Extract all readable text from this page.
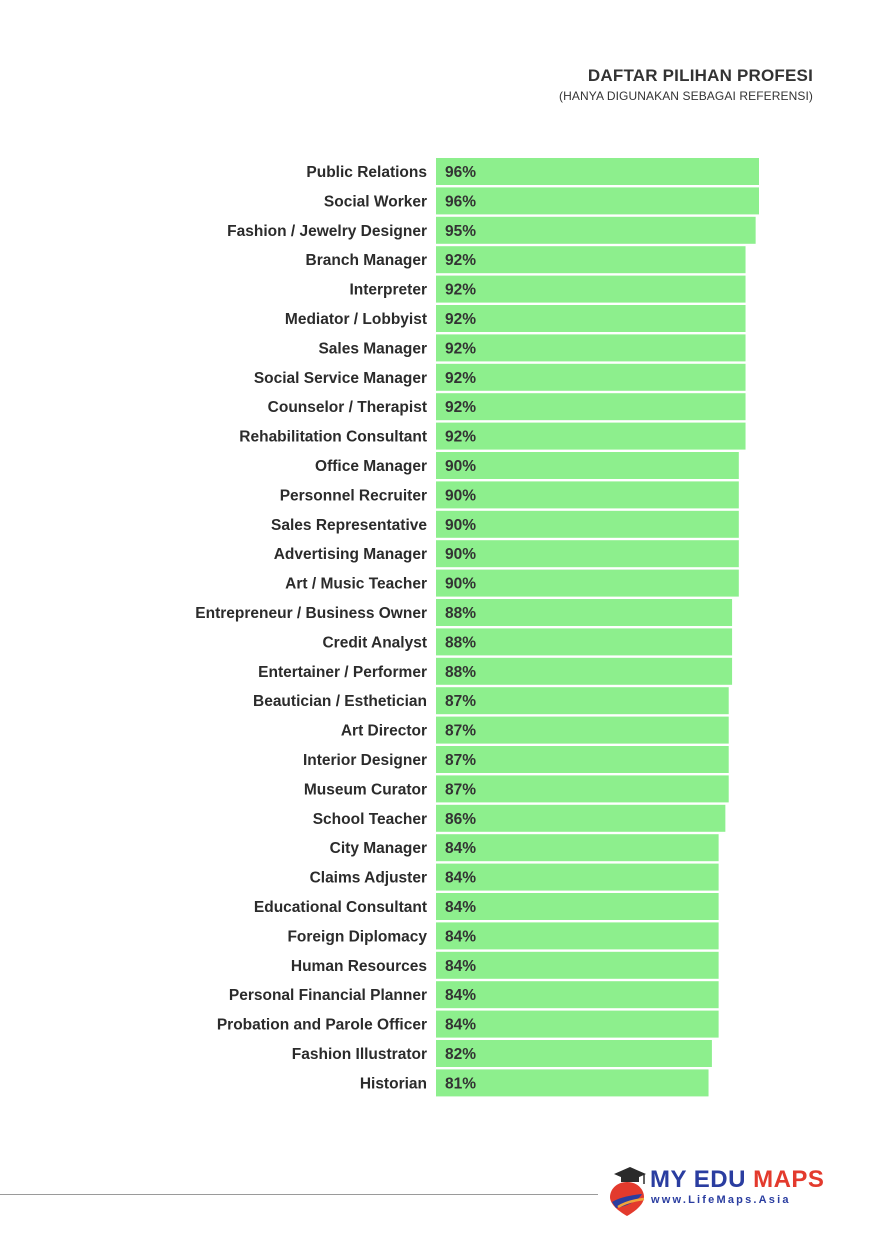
DAFTAR PILIHAN PROFESI
(HANYA DIGUNAKAN SEBAGAI REFERENSI)
Public Relations 96%
Social Worker 96%
Fashion / Jewelry Designer 95%
Branch Manager 92%
Interpreter 92%
Mediator / Lobbyist 92%
Sales Manager 92%
Social Service Manager 92%
Counselor / Therapist 92%
Rehabilitation Consultant 92%
Office Manager 90%
Personnel Recruiter 90%
Sales Representative 90%
Advertising Manager 90%
Art / Music Teacher 90%
Entrepreneur / Business Owner 88%
Credit Analyst 88%
Entertainer / Performer 88%
Beautician / Esthetician 87%
Art Director 87%
Interior Designer 87%
Museum Curator 87%
School Teacher 86%
City Manager 84%
Claims Adjuster 84%
Educational Consultant 84%
Foreign Diplomacy 84%
Human Resources 84%
Personal Financial Planner 84%
Probation and Parole Officer 84%
Fashion Illustrator 82%
Historian 81%
MY EDU MAPS
www.LifeMaps.Asia
